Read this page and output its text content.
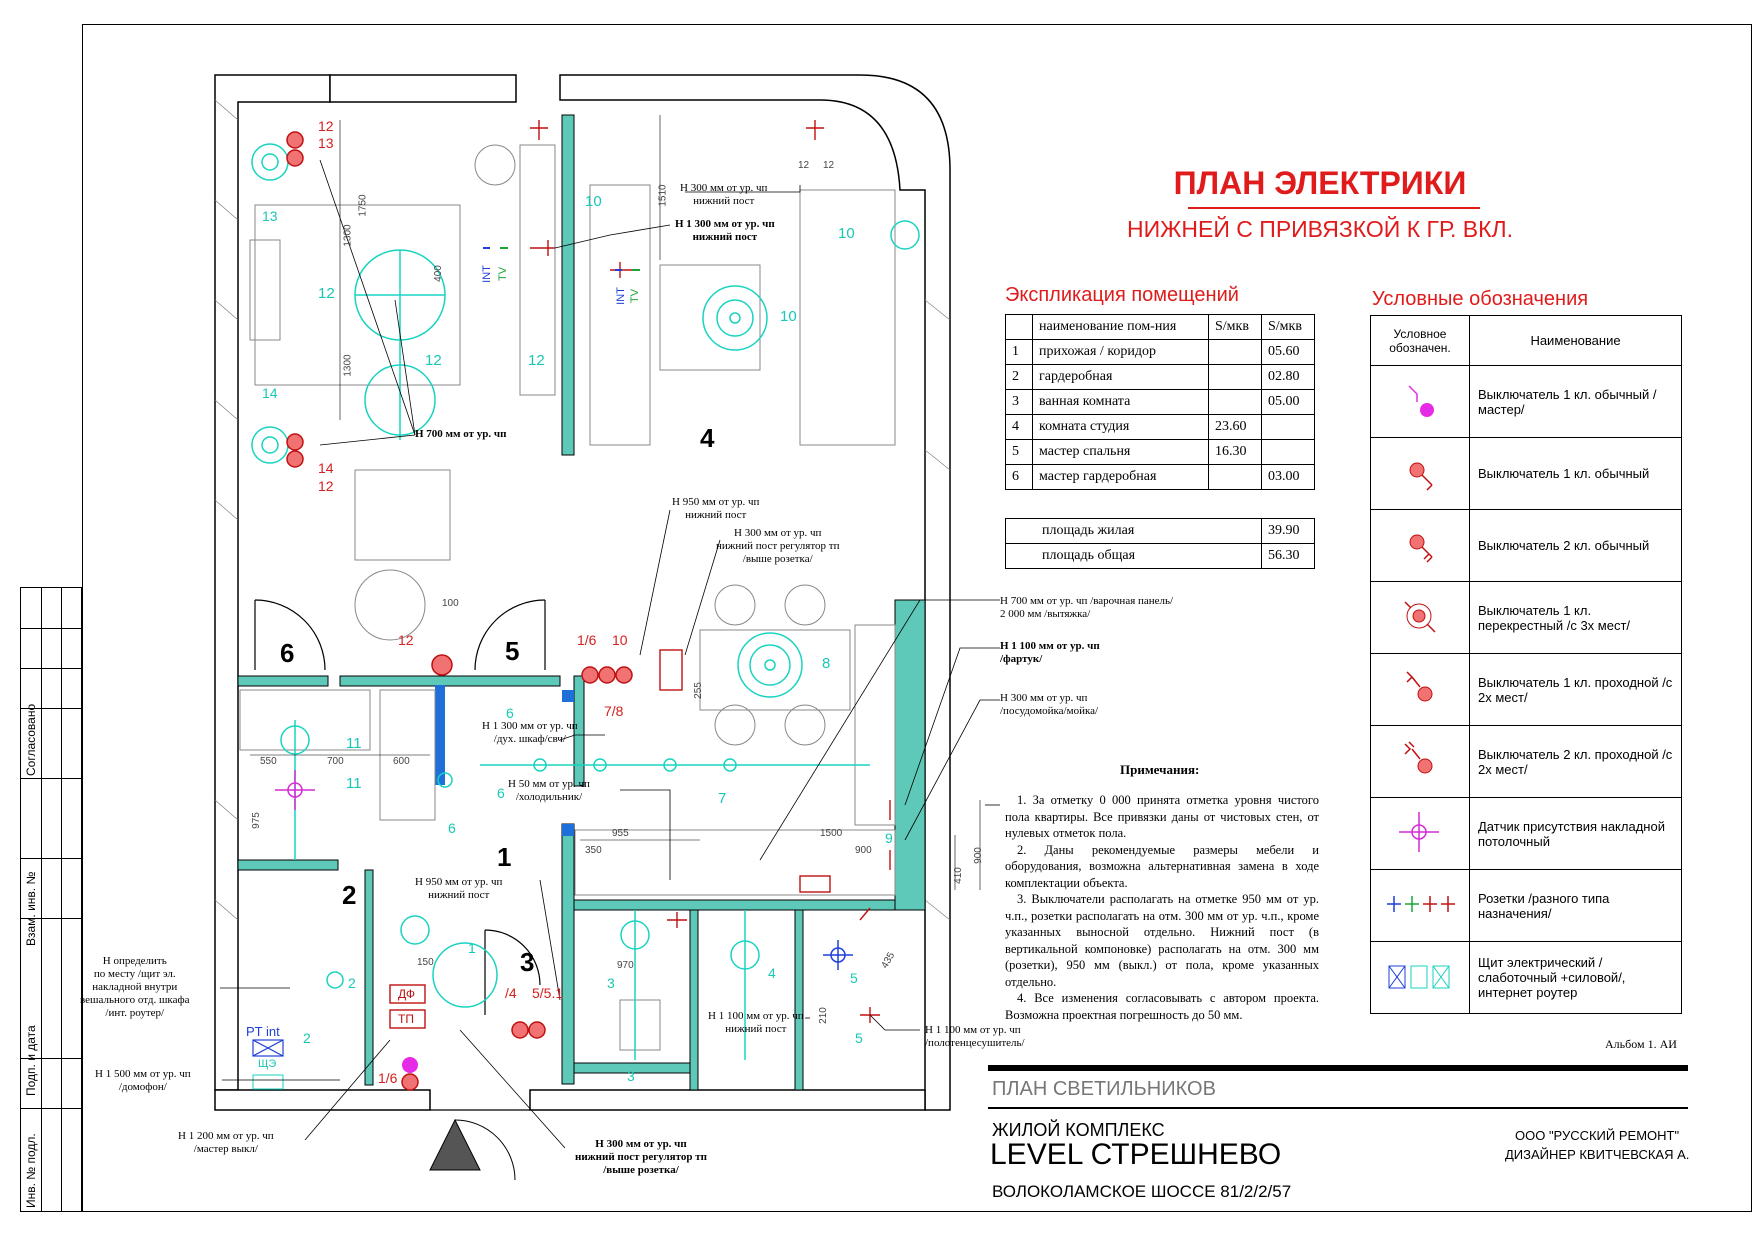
Согласовано
Взам. инв. №
Подп. и дата
Инв. № подл.
ПЛАН ЭЛЕКТРИКИ
НИЖНЕЙ С ПРИВЯЗКОЙ К ГР. ВКЛ.
6	5
4
1
2
3
12
13
14
12
12	1/6 10
7/8
/4 5/5.1
1/6
13
12
12	12
14
10
10
10
8
6
11
11
6	7
6
9
1
2
2
3
3
4	5
5
INT TV
INT TV
ДФ
ТП
PT int
ЩЭ
1750
1300
1300
400
1510
100
255
550	700	600
975
955
350
1500
900	900
410
150	970	435
210
12 12
Н 300 мм от ур. чп
нижний пост
Н 1 300 мм от ур. чп
нижний пост
Н 700 мм от ур. чп
Н 950 мм от ур. чп
нижний пост
Н 300 мм от ур. чп
нижний пост регулятор тп
/выше розетка/
Н 700 мм от ур. чп /варочная панель/
2 000 мм /вытяжка/
Н 1 100 мм от ур. чп
/фартук/
Н 300 мм от ур. чп
/посудомойка/мойка/
Н 1 300 мм от ур. чп
/дух. шкаф/свч/
Н 50 мм от ур. чп
/холодильник/
Н 950 мм от ур. чп
нижний пост
Н определить
по месту /щит эл.
накладной внутри
вешального отд. шкафа
/инт. роутер/
Н 1 500 мм от ур. чп
/домофон/
Н 1 200 мм от ур. чп
/мастер выкл/	Н 300 мм от ур. чп
нижний пост регулятор тп
/выше розетка/
Н 1 100 мм от ур. чп
нижний пост	Н 1 100 мм от ур. чп
/полотенцесушитель/
Экспликация помещений
	наименование пом-ния	S/мкв	S/мкв
1	прихожая / коридор		05.60
2	гардеробная		02.80
3	ванная комната		05.00
4	комната студия	23.60	
5	мастер спальня	16.30	
6	мастер гардеробная		03.00
площадь жилая	39.90
площадь общая	56.30
Условные обозначения
Условное обозначен.	Наименование
	Выключатель 1 кл. обычный /мастер/
	Выключатель 1 кл. обычный
	Выключатель 2 кл. обычный
	Выключатель 1 кл. перекрестный /с 3х мест/
	Выключатель 1 кл. проходной /с 2х мест/
	Выключатель 2 кл. проходной /с 2х мест/
	Датчик присутствия накладной потолочный
	Розетки /разного типа назначения/
	Щит электрический /слаботочный +силовой/, интернет роутер
Примечания:

1. За отметку 0 000 принята отметка уровня чистого пола квартиры. Все привязки даны от чистовых стен, от нулевых отметок пола.

2. Даны рекомендуемые размеры мебели и оборудования, возможна альтернативная замена в ходе комплектации объекта.

3. Выключатели располагать на отметке 950 мм от ур. ч.п., розетки располагать на отм. 300 мм от ур. ч.п., кроме указанных выносной отдельно. Нижний пост (в вертикальной компоновке) располагать на отм. 300 мм (розетки), 950 мм (выкл.) от пола, кроме указанных отдельно.

4. Все изменения согласовывать с автором проекта. Возможна проектная погрешность до 50 мм.

Альбом 1. АИ
ПЛАН СВЕТИЛЬНИКОВ
ЖИЛОЙ КОМПЛЕКС
LEVEL СТРЕШНЕВО
ВОЛОКОЛАМСКОЕ ШОССЕ 81/2/2/57
ООО "РУССКИЙ РЕМОНТ"
ДИЗАЙНЕР КВИТЧЕВСКАЯ А.
